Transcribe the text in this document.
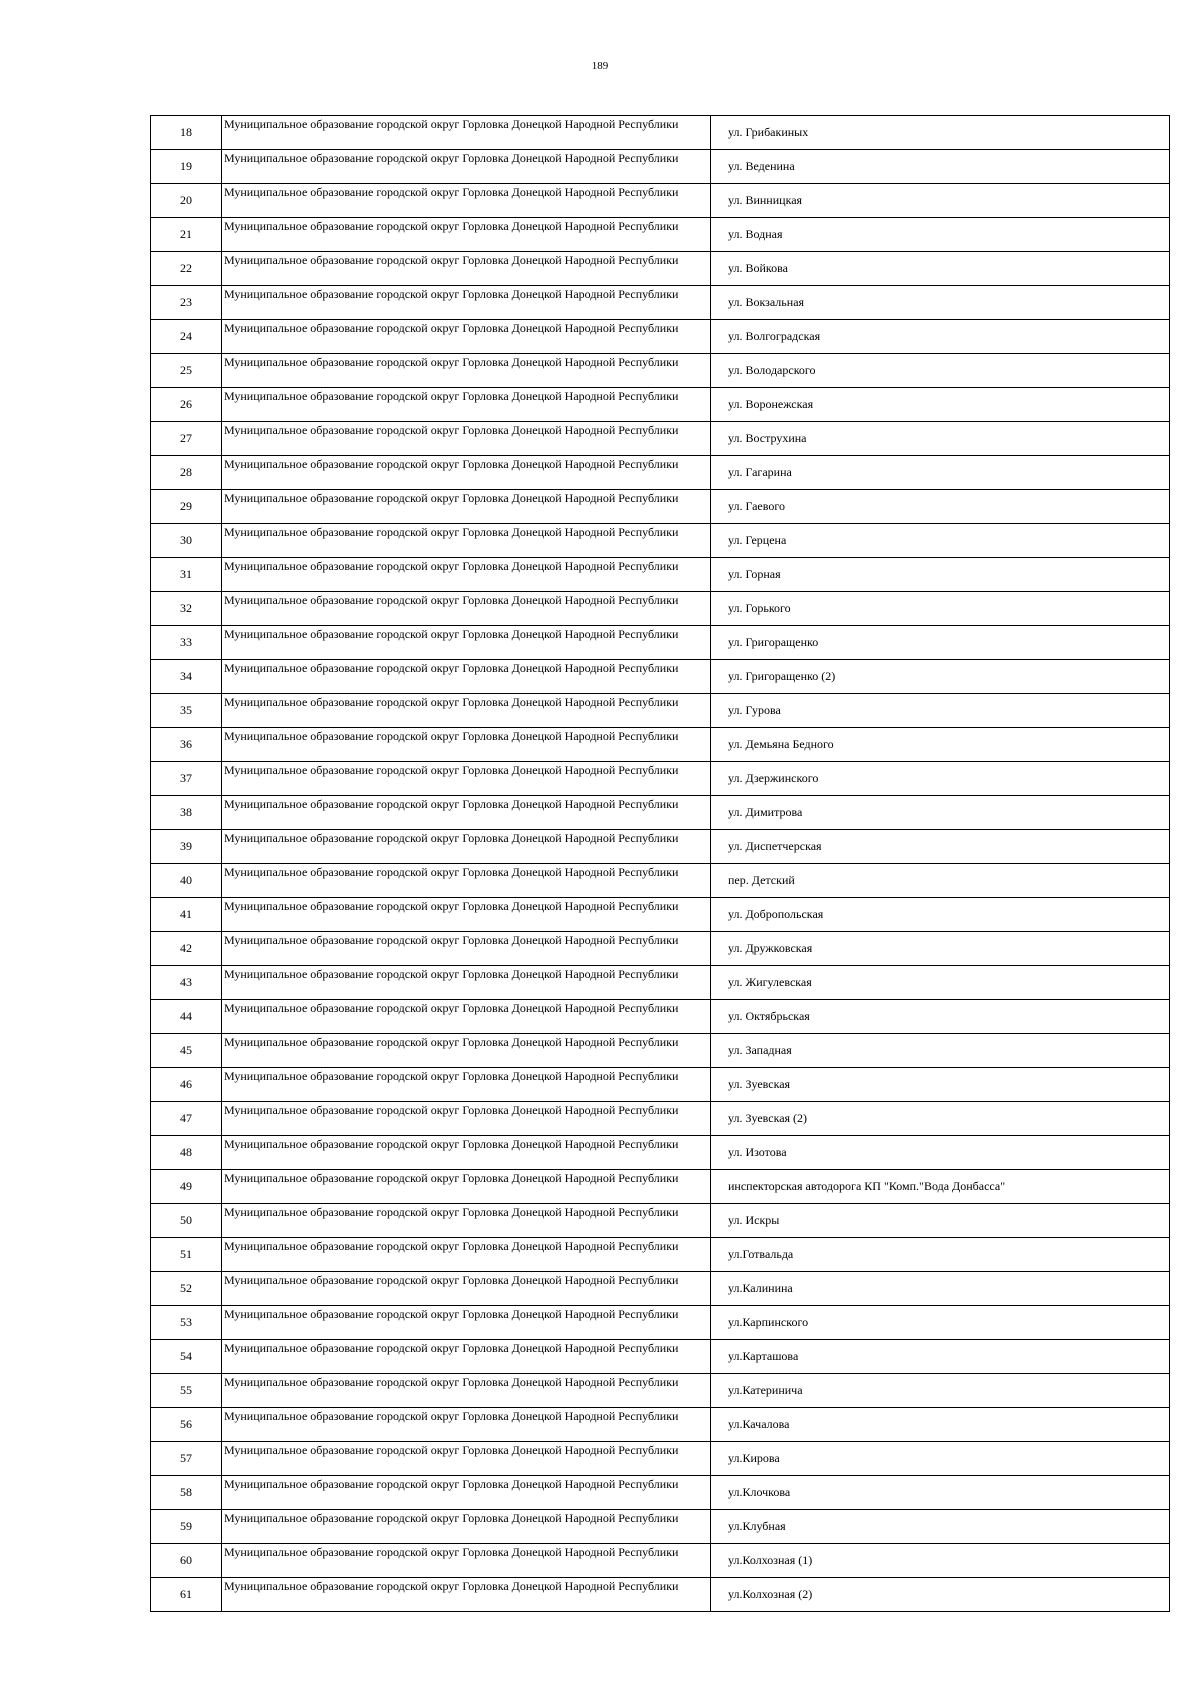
189
18	Муниципальное образование городской округ Горловка Донецкой Народной Республики	ул. Грибакиных
19	Муниципальное образование городской округ Горловка Донецкой Народной Республики	ул. Веденина
20	Муниципальное образование городской округ Горловка Донецкой Народной Республики	ул. Винницкая
21	Муниципальное образование городской округ Горловка Донецкой Народной Республики	ул. Водная
22	Муниципальное образование городской округ Горловка Донецкой Народной Республики	ул. Войкова
23	Муниципальное образование городской округ Горловка Донецкой Народной Республики	ул. Вокзальная
24	Муниципальное образование городской округ Горловка Донецкой Народной Республики	ул. Волгоградская
25	Муниципальное образование городской округ Горловка Донецкой Народной Республики	ул. Володарского
26	Муниципальное образование городской округ Горловка Донецкой Народной Республики	ул. Воронежская
27	Муниципальное образование городской округ Горловка Донецкой Народной Республики	ул. Вострухина
28	Муниципальное образование городской округ Горловка Донецкой Народной Республики	ул. Гагарина
29	Муниципальное образование городской округ Горловка Донецкой Народной Республики	ул. Гаевого
30	Муниципальное образование городской округ Горловка Донецкой Народной Республики	ул. Герцена
31	Муниципальное образование городской округ Горловка Донецкой Народной Республики	ул. Горная
32	Муниципальное образование городской округ Горловка Донецкой Народной Республики	ул. Горького
33	Муниципальное образование городской округ Горловка Донецкой Народной Республики	ул. Григоращенко
34	Муниципальное образование городской округ Горловка Донецкой Народной Республики	ул. Григоращенко (2)
35	Муниципальное образование городской округ Горловка Донецкой Народной Республики	ул. Гурова
36	Муниципальное образование городской округ Горловка Донецкой Народной Республики	ул. Демьяна Бедного
37	Муниципальное образование городской округ Горловка Донецкой Народной Республики	ул. Дзержинского
38	Муниципальное образование городской округ Горловка Донецкой Народной Республики	ул. Димитрова
39	Муниципальное образование городской округ Горловка Донецкой Народной Республики	ул. Диспетчерская
40	Муниципальное образование городской округ Горловка Донецкой Народной Республики	пер. Детский
41	Муниципальное образование городской округ Горловка Донецкой Народной Республики	ул. Добропольская
42	Муниципальное образование городской округ Горловка Донецкой Народной Республики	ул. Дружковская
43	Муниципальное образование городской округ Горловка Донецкой Народной Республики	ул. Жигулевская
44	Муниципальное образование городской округ Горловка Донецкой Народной Республики	ул. Октябрьская
45	Муниципальное образование городской округ Горловка Донецкой Народной Республики	ул. Западная
46	Муниципальное образование городской округ Горловка Донецкой Народной Республики	ул. Зуевская
47	Муниципальное образование городской округ Горловка Донецкой Народной Республики	ул. Зуевская (2)
48	Муниципальное образование городской округ Горловка Донецкой Народной Республики	ул. Изотова
49	Муниципальное образование городской округ Горловка Донецкой Народной Республики	инспекторская автодорога КП "Комп."Вода Донбасса"
50	Муниципальное образование городской округ Горловка Донецкой Народной Республики	ул. Искры
51	Муниципальное образование городской округ Горловка Донецкой Народной Республики	ул.Готвальда
52	Муниципальное образование городской округ Горловка Донецкой Народной Республики	ул.Калинина
53	Муниципальное образование городской округ Горловка Донецкой Народной Республики	ул.Карпинского
54	Муниципальное образование городской округ Горловка Донецкой Народной Республики	ул.Карташова
55	Муниципальное образование городской округ Горловка Донецкой Народной Республики	ул.Катеринича
56	Муниципальное образование городской округ Горловка Донецкой Народной Республики	ул.Качалова
57	Муниципальное образование городской округ Горловка Донецкой Народной Республики	ул.Кирова
58	Муниципальное образование городской округ Горловка Донецкой Народной Республики	ул.Клочкова
59	Муниципальное образование городской округ Горловка Донецкой Народной Республики	ул.Клубная
60	Муниципальное образование городской округ Горловка Донецкой Народной Республики	ул.Колхозная (1)
61	Муниципальное образование городской округ Горловка Донецкой Народной Республики	ул.Колхозная (2)
